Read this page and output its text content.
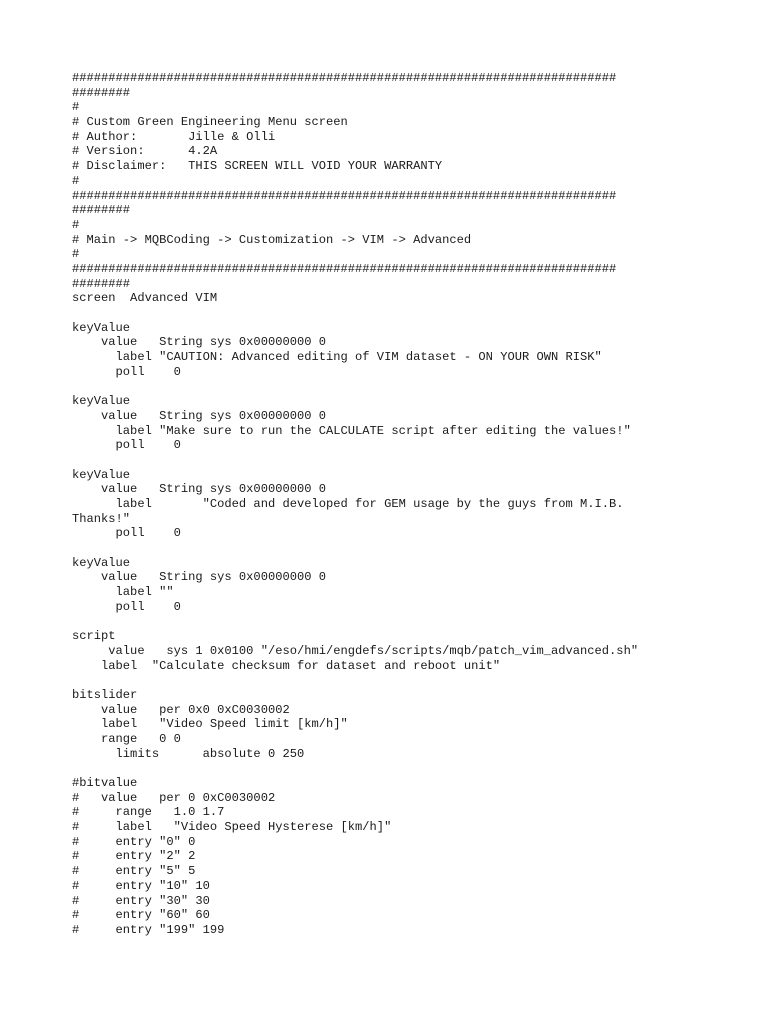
###########################################################################
########
#
# Custom Green Engineering Menu screen
# Author:       Jille & Olli
# Version:      4.2A
# Disclaimer:   THIS SCREEN WILL VOID YOUR WARRANTY
#
###########################################################################
########
#
# Main -> MQBCoding -> Customization -> VIM -> Advanced
#
###########################################################################
########
screen  Advanced VIM
keyValue
value   String sys 0x00000000 0
label "CAUTION: Advanced editing of VIM dataset - ON YOUR OWN RISK"
poll    0
keyValue
value   String sys 0x00000000 0
label "Make sure to run the CALCULATE script after editing the values!"
poll    0
keyValue
value   String sys 0x00000000 0
label       "Coded and developed for GEM usage by the guys from M.I.B.
Thanks!"
poll    0
keyValue
value   String sys 0x00000000 0
label ""
poll    0
script
value   sys 1 0x0100 "/eso/hmi/engdefs/scripts/mqb/patch_vim_advanced.sh"
label  "Calculate checksum for dataset and reboot unit"
bitslider
value   per 0x0 0xC0030002
label   "Video Speed limit [km/h]"
range   0 0
limits      absolute 0 250
#bitvalue
#   value   per 0 0xC0030002
#     range   1.0 1.7
#     label   "Video Speed Hysterese [km/h]"
#     entry "0" 0
#     entry "2" 2
#     entry "5" 5
#     entry "10" 10
#     entry "30" 30
#     entry "60" 60
#     entry "199" 199
